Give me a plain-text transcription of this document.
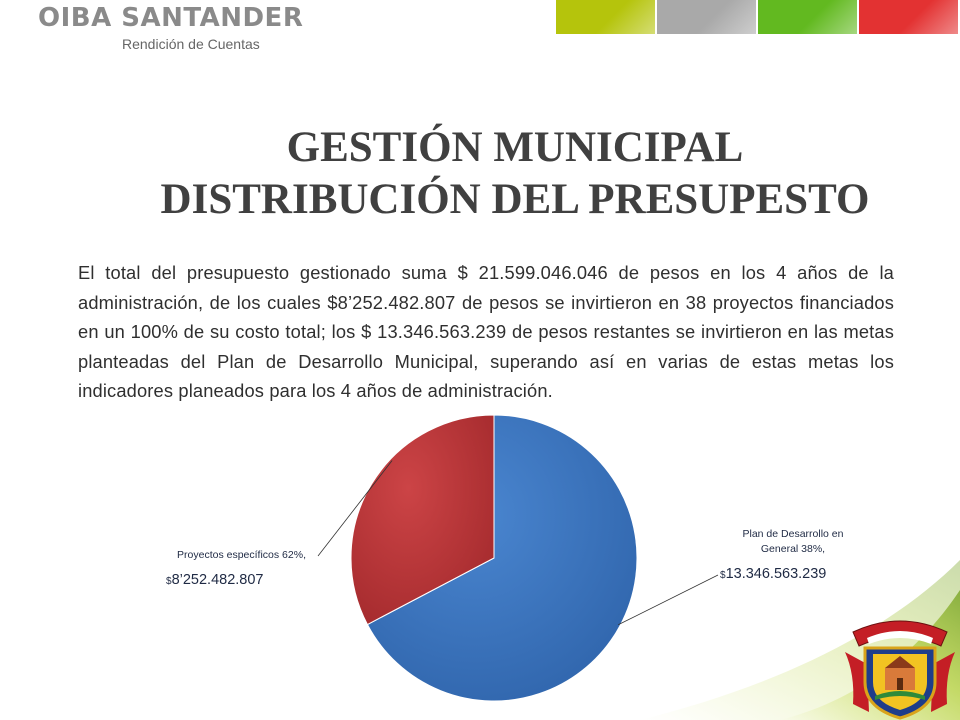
OIBA SANTANDER
Rendición de Cuentas
GESTIÓN MUNICIPAL
DISTRIBUCIÓN DEL PRESUPESTO

El total del presupuesto gestionado suma $ 21.599.046.046 de pesos en los 4 años de la administración, de los cuales $8’252.482.807 de pesos se invirtieron en 38 proyectos financiados en un 100% de su costo total; los $ 13.346.563.239 de pesos restantes se invirtieron en las metas planteadas del Plan de Desarrollo Municipal, superando así en varias de estas metas los indicadores planeados para los 4 años de administración.

Plan de Desarrollo en
General 38%,
$13.346.563.239
Proyectos específicos 62%,
$8’252.482.807
